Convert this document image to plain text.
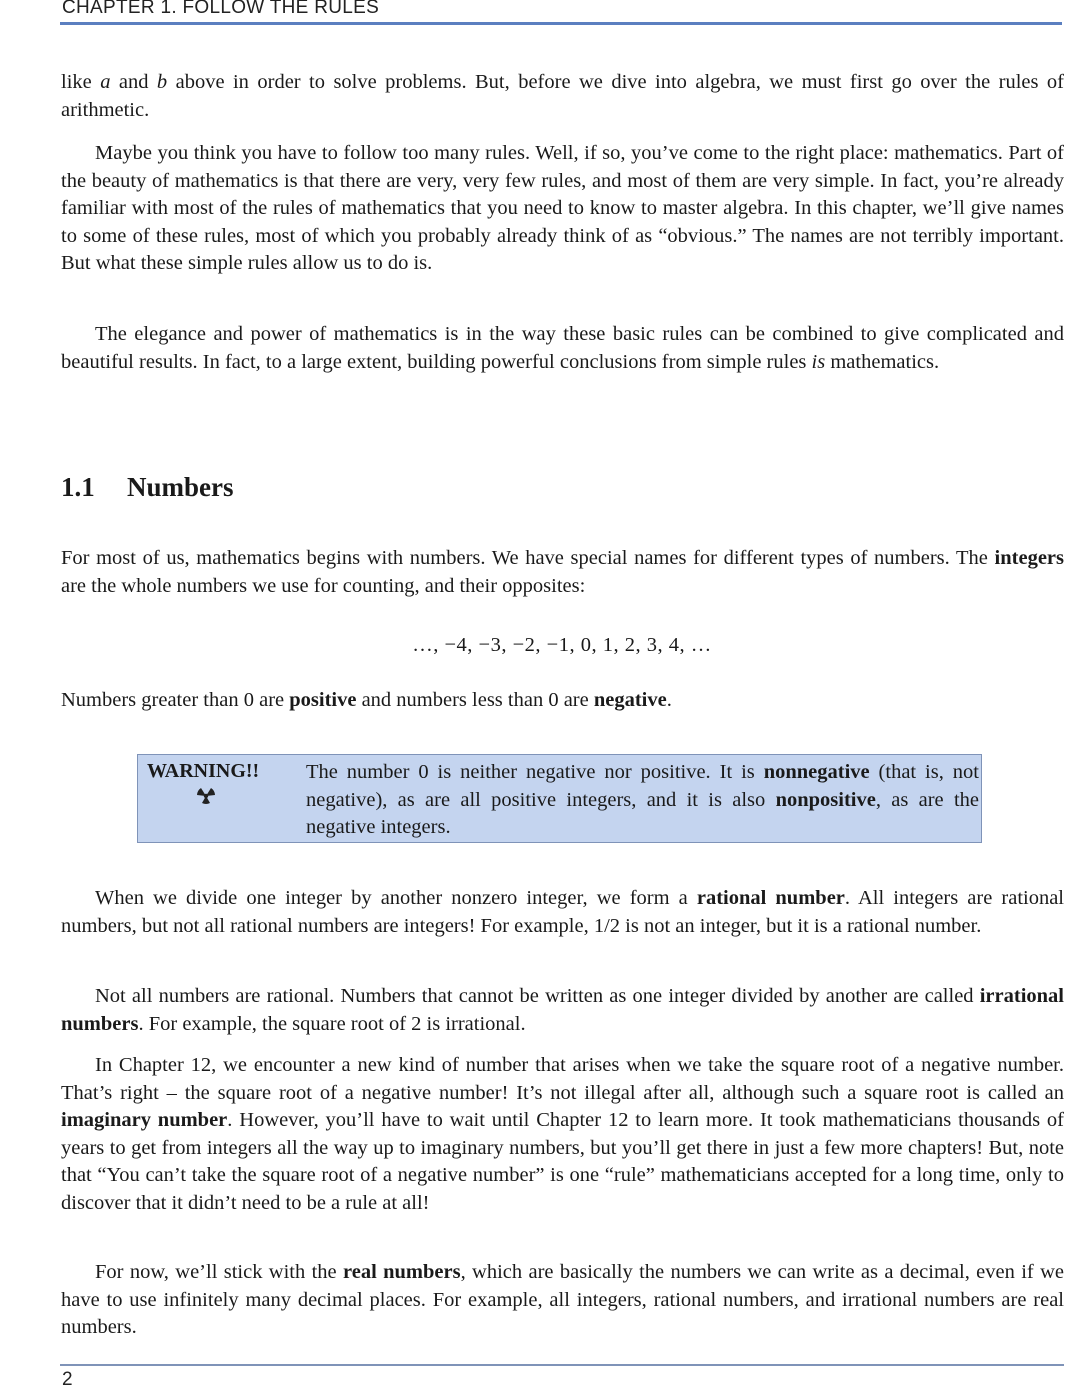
CHAPTER 1. FOLLOW THE RULES

like a and b above in order to solve problems. But, before we dive into algebra, we must first go over the rules of arithmetic.

Maybe you think you have to follow too many rules. Well, if so, you’ve come to the right place: mathematics. Part of the beauty of mathematics is that there are very, very few rules, and most of them are very simple. In fact, you’re already familiar with most of the rules of mathematics that you need to know to master algebra. In this chapter, we’ll give names to some of these rules, most of which you probably already think of as “obvious.” The names are not terribly important. But what these simple rules allow us to do is.

The elegance and power of mathematics is in the way these basic rules can be combined to give complicated and beautiful results. In fact, to a large extent, building powerful conclusions from simple rules is mathematics.

1.1 Numbers

For most of us, mathematics begins with numbers. We have special names for different types of numbers. The integers are the whole numbers we use for counting, and their opposites:

…, −4, −3, −2, −1, 0, 1, 2, 3, 4, …

Numbers greater than 0 are positive and numbers less than 0 are negative.

WARNING!! The number 0 is neither negative nor positive. It is nonnegative (that is, not negative), as are all positive integers, and it is also nonpositive, as are the negative integers.

When we divide one integer by another nonzero integer, we form a rational number. All integers are rational numbers, but not all rational numbers are integers! For example, 1/2 is not an integer, but it is a rational number.

Not all numbers are rational. Numbers that cannot be written as one integer divided by another are called irrational numbers. For example, the square root of 2 is irrational.

In Chapter 12, we encounter a new kind of number that arises when we take the square root of a negative number. That’s right – the square root of a negative number! It’s not illegal after all, although such a square root is called an imaginary number. However, you’ll have to wait until Chapter 12 to learn more. It took mathematicians thousands of years to get from integers all the way up to imaginary numbers, but you’ll get there in just a few more chapters! But, note that “You can’t take the square root of a negative number” is one “rule” mathematicians accepted for a long time, only to discover that it didn’t need to be a rule at all!

For now, we’ll stick with the real numbers, which are basically the numbers we can write as a decimal, even if we have to use infinitely many decimal places. For example, all integers, rational numbers, and irrational numbers are real numbers.

2
